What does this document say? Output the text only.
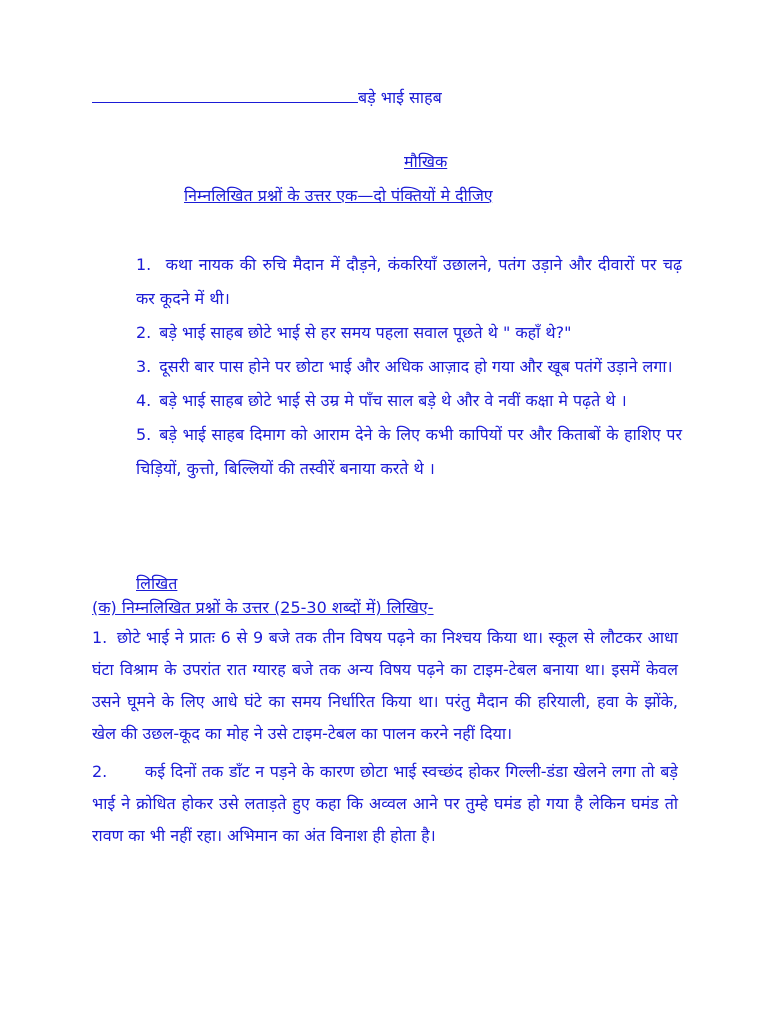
बड़े भाई साहब
मौखिक
निम्नलिखित प्रश्नों के उत्तर एक—दो पंक्तियों मे दीजिए

1. कथा नायक की रुचि मैदान में दौड़ने, कंकरियाँ उछालने, पतंग उड़ाने और दीवारों पर चढ़ कर कूदने में थी।

2. बड़े भाई साहब छोटे भाई से हर समय पहला सवाल पूछते थे " कहाँ थे?"

3. दूसरी बार पास होने पर छोटा भाई और अधिक आज़ाद हो गया और खूब पतंगें उड़ाने लगा।

4. बड़े भाई साहब छोटे भाई से उम्र मे पाँच साल बड़े थे और वे नवीं कक्षा मे पढ़ते थे ।

5. बड़े भाई साहब दिमाग को आराम देने के लिए कभी कापियों पर और किताबों के हाशिए पर चिड़ियों, कुत्तो, बिल्लियों की तस्वीरें बनाया करते थे ।

लिखित
(क) निम्नलिखित प्रश्नों के उत्तर (25-30 शब्दों में) लिखिए-

1. छोटे भाई ने प्रातः 6 से 9 बजे तक तीन विषय पढ़ने का निश्चय किया था। स्कूल से लौटकर आधा घंटा विश्राम के उपरांत रात ग्यारह बजे तक अन्य विषय पढ़ने का टाइम-टेबल बनाया था। इसमें केवल उसने घूमने के लिए आधे घंटे का समय निर्धारित किया था। परंतु मैदान की हरियाली, हवा के झोंके, खेल की उछल-कूद का मोह ने उसे टाइम-टेबल का पालन करने नहीं दिया।

2. कई दिनों तक डाँट न पड़ने के कारण छोटा भाई स्वच्छंद होकर गिल्ली-डंडा खेलने लगा तो बड़े भाई ने क्रोधित होकर उसे लताड़ते हुए कहा कि अव्वल आने पर तुम्हे घमंड हो गया है लेकिन घमंड तो रावण का भी नहीं रहा। अभिमान का अंत विनाश ही होता है।
